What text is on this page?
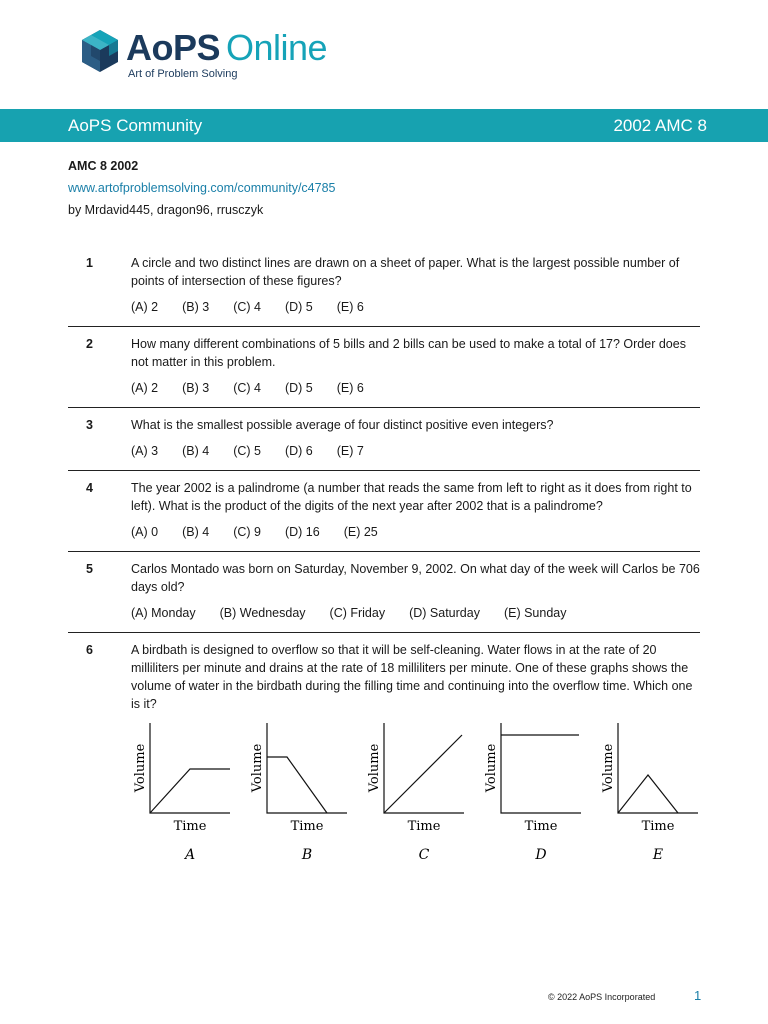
AoPS Online
Art of Problem Solving
AoPS Community	2002 AMC 8
AMC 8 2002
www.artofproblemsolving.com/community/c4785
by Mrdavid445, dragon96, rrusczyk
1	A circle and two distinct lines are drawn on a sheet of paper. What is the largest possible number of points of intersection of these figures?

(A) 2 (B) 3 (C) 4 (D) 5 (E) 6
2	How many different combinations of 5 bills and 2 bills can be used to make a total of 17? Order does not matter in this problem.

(A) 2 (B) 3 (C) 4 (D) 5 (E) 6
3	What is the smallest possible average of four distinct positive even integers?

(A) 3 (B) 4 (C) 5 (D) 6 (E) 7
4	The year 2002 is a palindrome (a number that reads the same from left to right as it does from right to left). What is the product of the digits of the next year after 2002 that is a palindrome?

(A) 0 (B) 4 (C) 9 (D) 16 (E) 25
5	Carlos Montado was born on Saturday, November 9, 2002. On what day of the week will Carlos be 706 days old?

(A) Monday (B) Wednesday (C) Friday (D) Saturday (E) Sunday
6	A birdbath is designed to overflow so that it will be self-cleaning. Water flows in at the rate of 20 milliliters per minute and drains at the rate of 18 milliliters per minute. One of these graphs shows the volume of water in the birdbath during the filling time and continuing into the overflow time. Which one is it?

Volume
Time
A
Volume
Time
B
Volume
Time
C
Volume
Time
D
Volume
Time
E
© 2022 AoPS Incorporated	1
